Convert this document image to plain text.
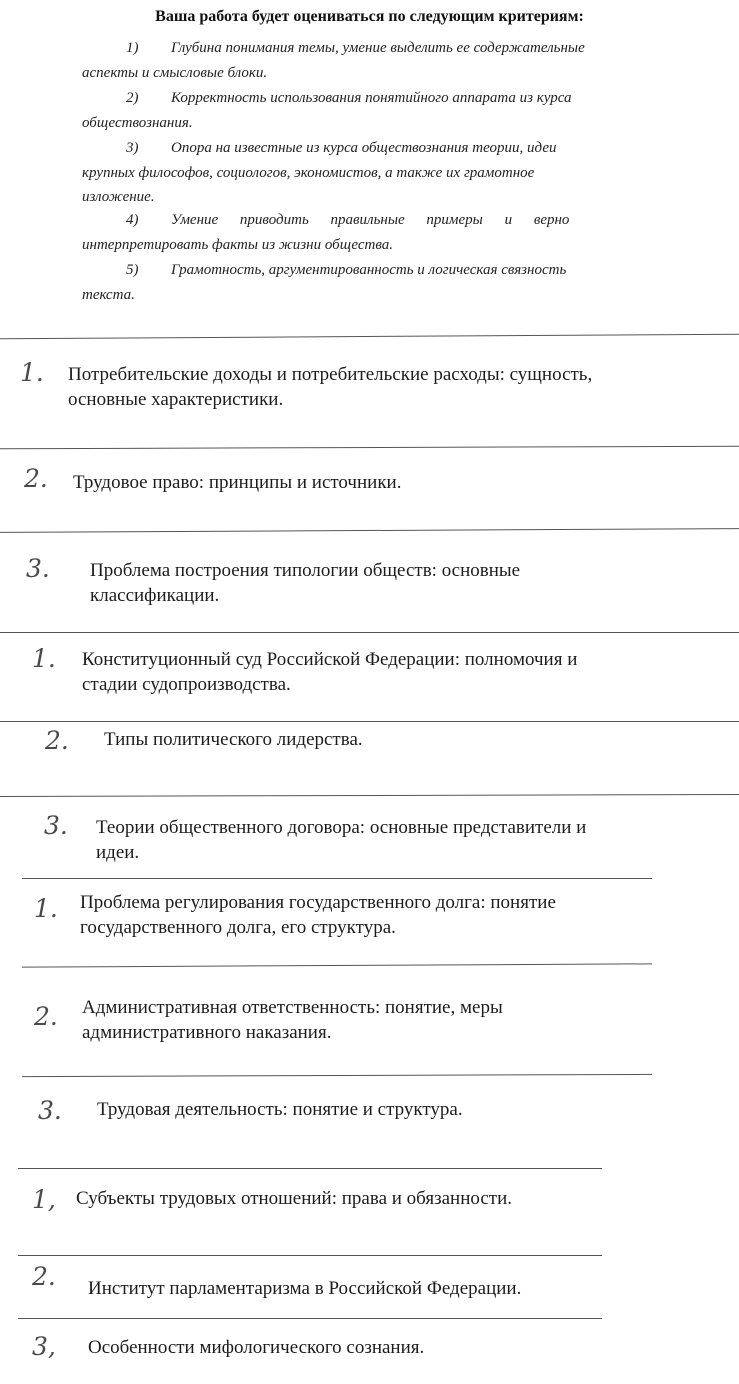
Ваша работа будет оцениваться по следующим критериям:
1) Глубина понимания темы, умение выделить ее содержательные
аспекты и смысловые блоки.
2) Корректность использования понятийного аппарата из курса
обществознания.
3) Опора на известные из курса обществознания теории, идеи
крупных философов, социологов, экономистов, а также их грамотное
изложение.
4) Умение приводить правильные примеры и верно
интерпретировать факты из жизни общества.
5) Грамотность, аргументированность и логическая связность
текста.
1. Потребительские доходы и потребительские расходы: сущность,
основные характеристики.
2. Трудовое право: принципы и источники.
3. Проблема построения типологии обществ: основные
классификации.
1. Конституционный суд Российской Федерации: полномочия и
стадии судопроизводства.
2. Типы политического лидерства.
3. Теории общественного договора: основные представители и
идеи.
1. Проблема регулирования государственного долга: понятие
государственного долга, его структура.
2. Административная ответственность: понятие, меры
административного наказания.
3. Трудовая деятельность: понятие и структура.
1, Субъекты трудовых отношений: права и обязанности.
2. Институт парламентаризма в Российской Федерации.
3, Особенности мифологического сознания.
